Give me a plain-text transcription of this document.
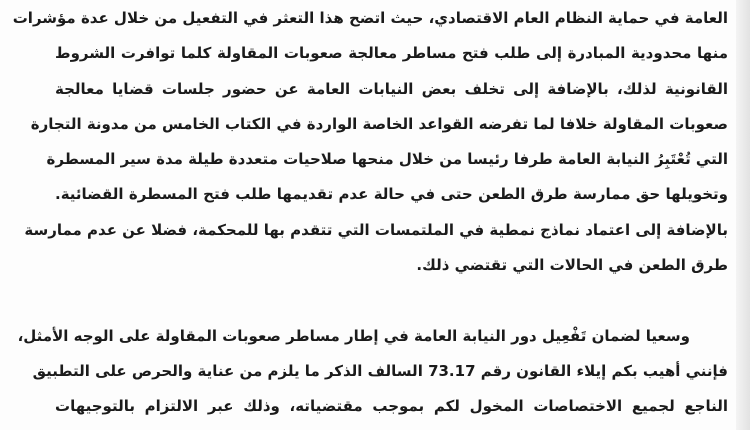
العامة في حماية النظام العام الاقتصادي، حيث اتضح هذا التعثر في التفعيل من خلال عدة مؤشرات
منها محدودية المبادرة إلى طلب فتح مساطر معالجة صعوبات المقاولة كلما توافرت الشروط
القانونية لذلك، بالإضافة إلى تخلف بعض النيابات العامة عن حضور جلسات قضايا معالجة
صعوبات المقاولة خلافا لما تفرضه القواعد الخاصة الواردة في الكتاب الخامس من مدونة التجارة
التي تُعْتَبِرُ النيابة العامة طرفا رئيسا من خلال منحها صلاحيات متعددة طيلة مدة سير المسطرة
وتخويلها حق ممارسة طرق الطعن حتى في حالة عدم تقديمها طلب فتح المسطرة القضائية.
بالإضافة إلى اعتماد نماذج نمطية في الملتمسات التي تتقدم بها للمحكمة، فضلا عن عدم ممارسة
طرق الطعن في الحالات التي تقتضي ذلك.
وسعيا لضمان تَفْعِيل دور النيابة العامة في إطار مساطر صعوبات المقاولة على الوجه الأمثل،
فإنني أهيب بكم إيلاء القانون رقم 73.17 السالف الذكر ما يلزم من عناية والحرص على التطبيق
الناجع لجميع الاختصاصات المخول لكم بموجب مقتضياته، وذلك عبر الالتزام بالتوجيهات
